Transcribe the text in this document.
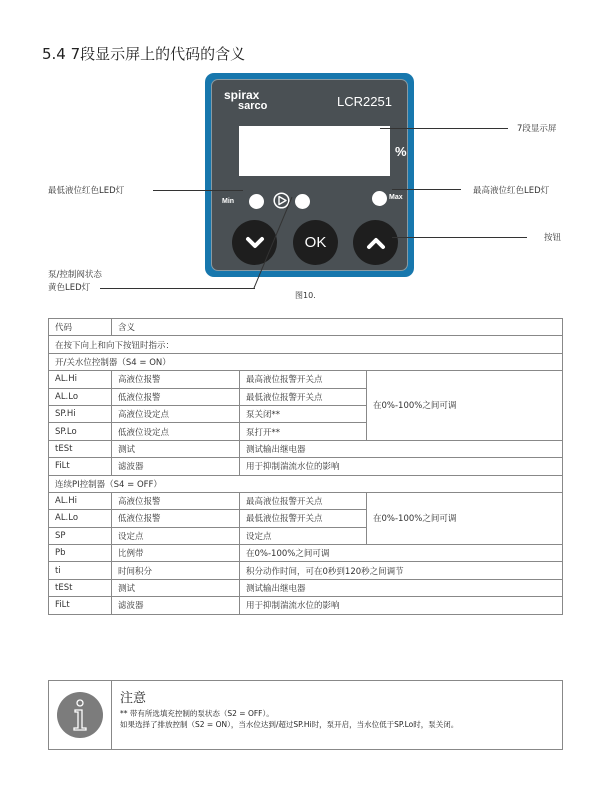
5.4 7段显示屏上的代码的含义
spirax
sarco	LCR2251
%
Min
Max
OK
7段显示屏
最低液位红色LED灯	最高液位红色LED灯
按钮
泵/控制阀状态
黄色LED灯
图10.
代码	含义		
在按下向上和向下按钮时指示：			
开/关水位控制器（S4 = ON）			
AL.Hi	高液位报警	最高液位报警开关点	在0%-100%之间可调
AL.Lo	低液位报警	最低液位报警开关点	
SP.Hi	高液位设定点	泵关闭**	
SP.Lo	低液位设定点	泵打开**	
tESt	测试	测试输出继电器	
FiLt	滤波器	用于抑制湍流水位的影响	
连续PI控制器（S4 = OFF）			
AL.Hi	高液位报警	最高液位报警开关点	在0%-100%之间可调
AL.Lo	低液位报警	最低液位报警开关点	
SP	设定点	设定点	
Pb	比例带	在0%-100%之间可调	
ti	时间积分	积分动作时间，可在0秒到120秒之间调节	
tESt	测试	测试输出继电器	
FiLt	滤波器	用于抑制湍流水位的影响	
注意
** 带有所选填充控制的泵状态（S2 = OFF）。
如果选择了排放控制（S2 = ON），当水位达到/超过SP.Hi时，泵开启，当水位低于SP.Lo时，泵关闭。
